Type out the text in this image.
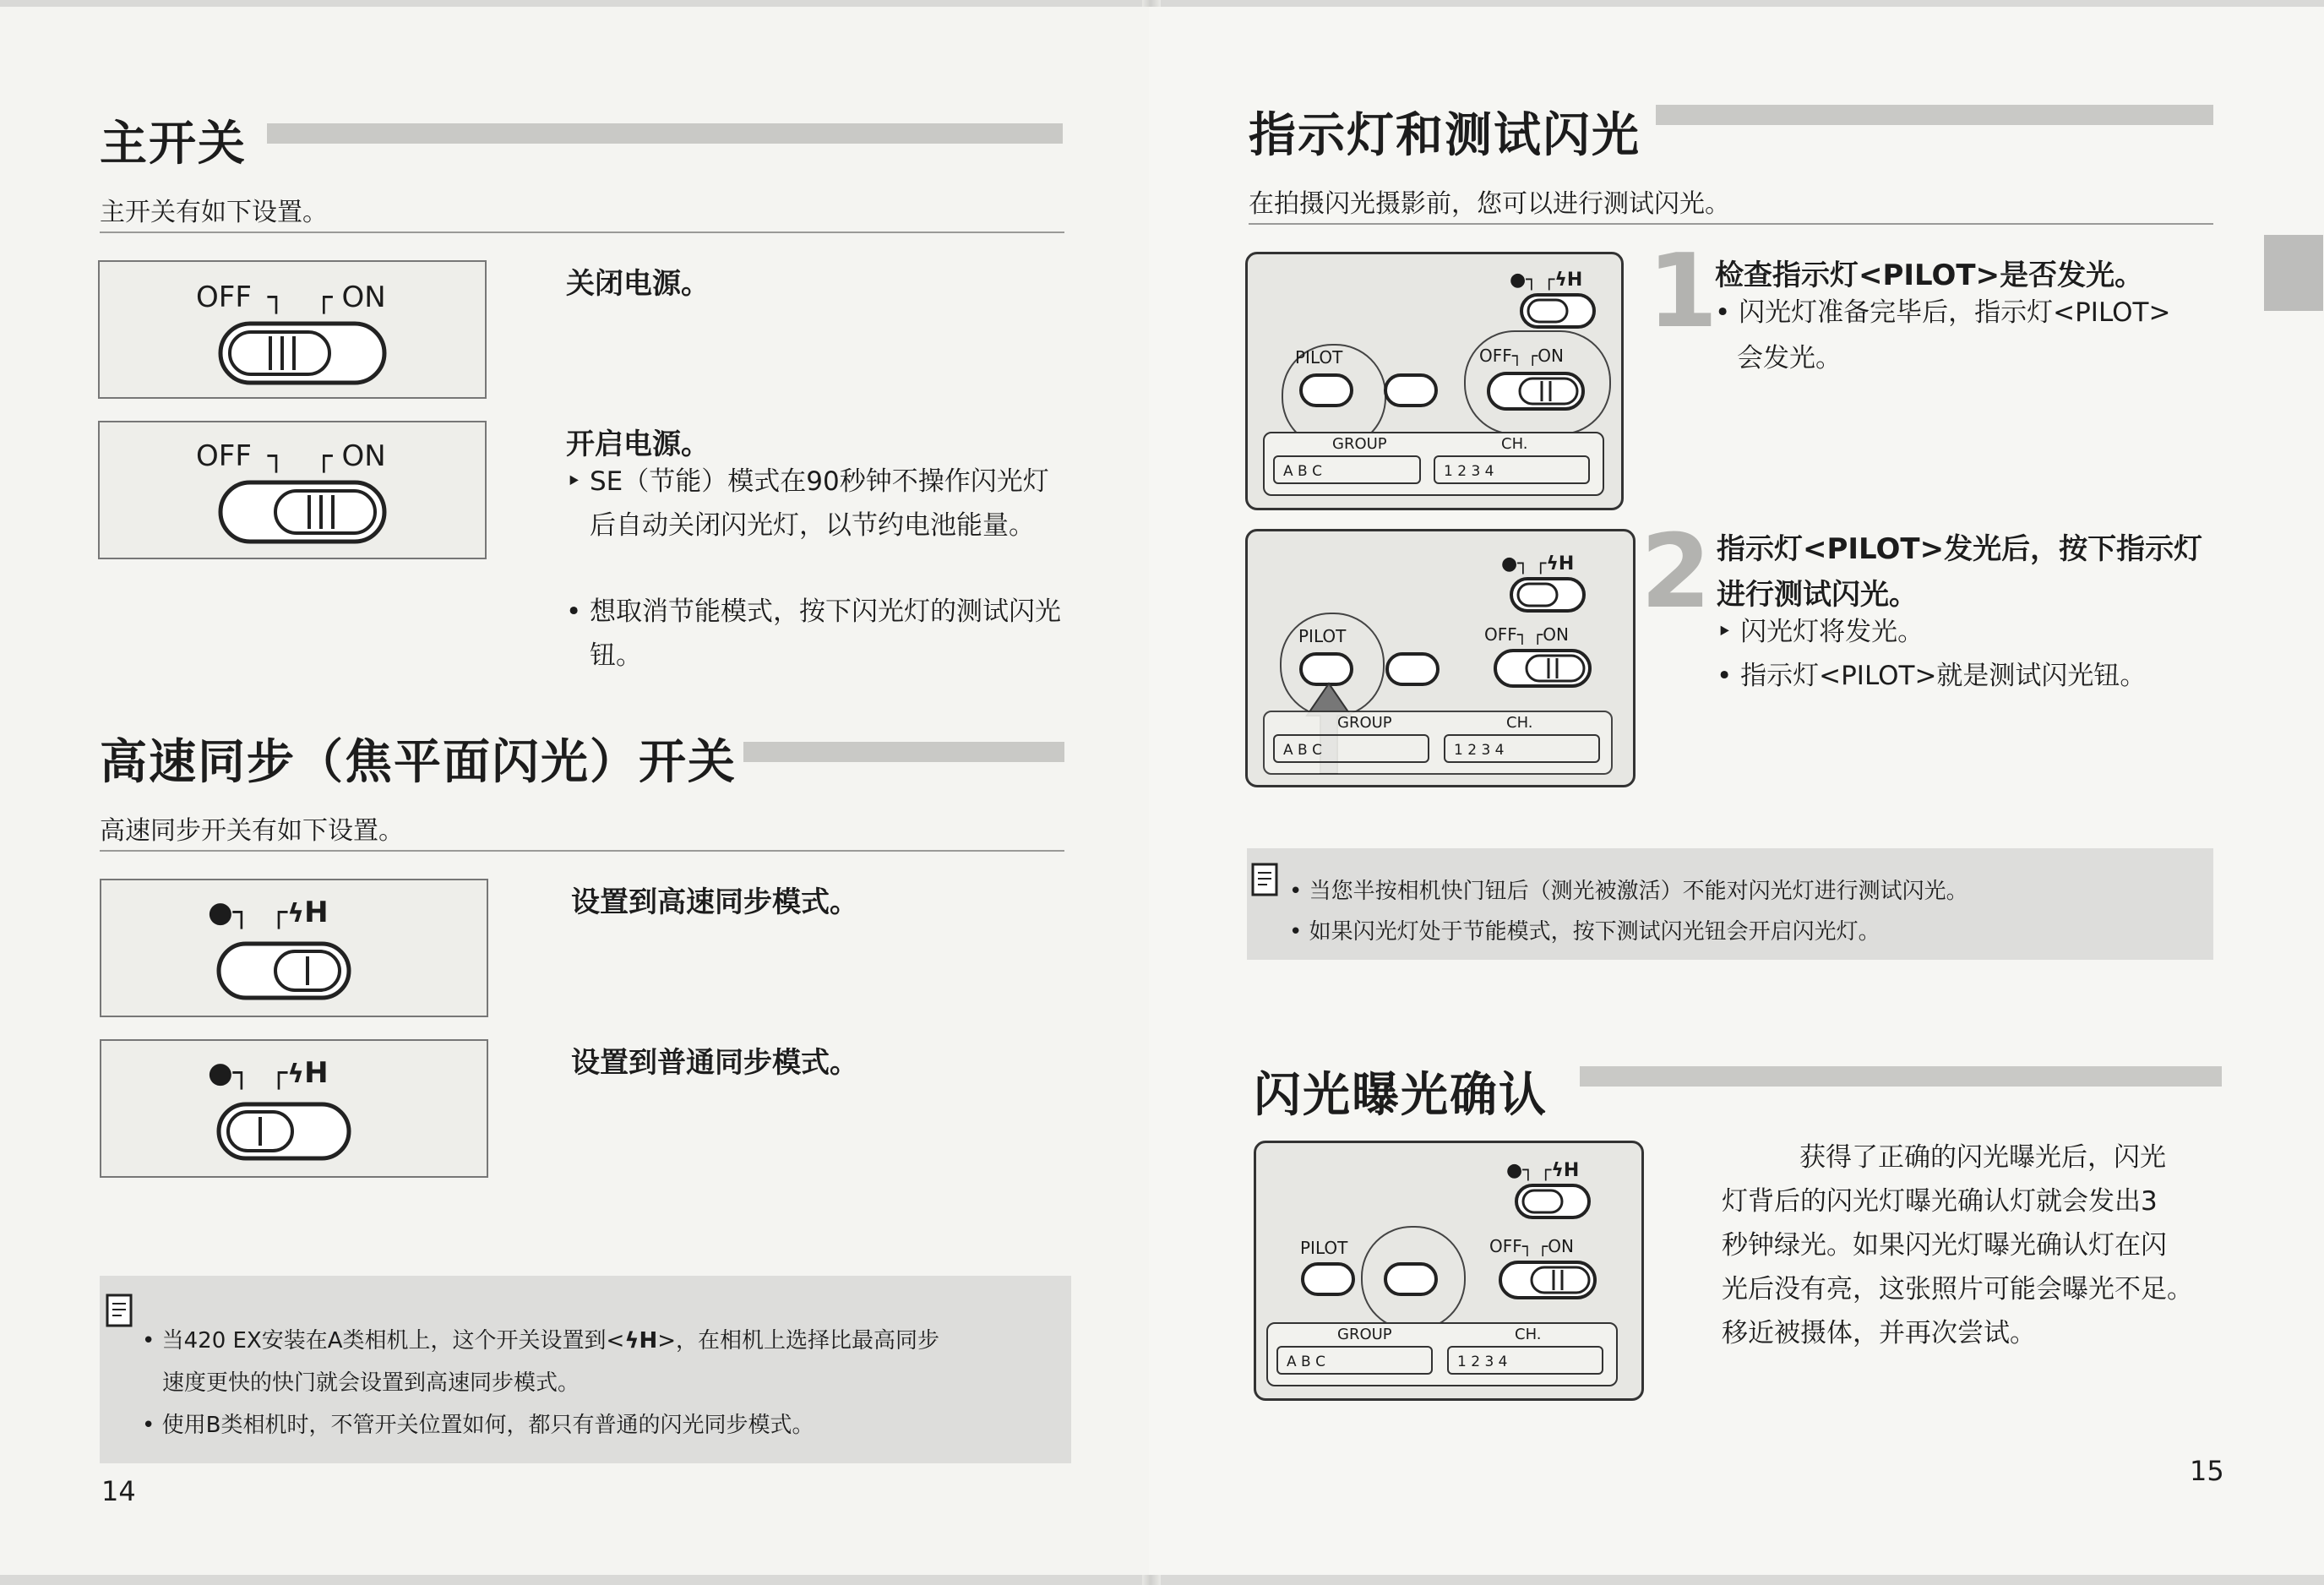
主开关
主开关有如下设置。
OFF ┐ ┌ ON	关闭电源。
OFF ┐ ┌ ON	开启电源。
‣ SE（节能）模式在90秒钟不操作闪光灯后自动关闭闪光灯，以节约电池能量。
• 想取消节能模式，按下闪光灯的测试闪光钮。
高速同步（焦平面闪光）开关
高速同步开关有如下设置。
●┐  ┌ϟH	设置到高速同步模式。
●┐  ┌ϟH	设置到普通同步模式。
• 当420 EX安装在A类相机上，这个开关设置到<ϟH>，在相机上选择比最高同步
速度更快的快门就会设置到高速同步模式。
• 使用B类相机时，不管开关位置如何，都只有普通的闪光同步模式。
14
指示灯和测试闪光
在拍摄闪光摄影前，您可以进行测试闪光。
●┐ ┌ϟH
PILOT	OFF┐ ┌ON
GROUP	CH.
A B C	1 2 3 4
1
检查指示灯<PILOT>是否发光。
• 闪光灯准备完毕后，指示灯<PILOT>
会发光。
●┐ ┌ϟH
PILOT	OFF┐ ┌ON
GROUP	CH.
A B C	1 2 3 4
2 指示灯<PILOT>发光后，按下指示灯
进行测试闪光。
‣ 闪光灯将发光。
• 指示灯<PILOT>就是测试闪光钮。
• 当您半按相机快门钮后（测光被激活）不能对闪光灯进行测试闪光。
• 如果闪光灯处于节能模式，按下测试闪光钮会开启闪光灯。
闪光曝光确认
●┐ ┌ϟH
PILOT	OFF┐ ┌ON
GROUP	CH.
A B C	1 2 3 4
获得了正确的闪光曝光后，闪光
灯背后的闪光灯曝光确认灯就会发出3
秒钟绿光。如果闪光灯曝光确认灯在闪
光后没有亮，这张照片可能会曝光不足。
移近被摄体，并再次尝试。
15
